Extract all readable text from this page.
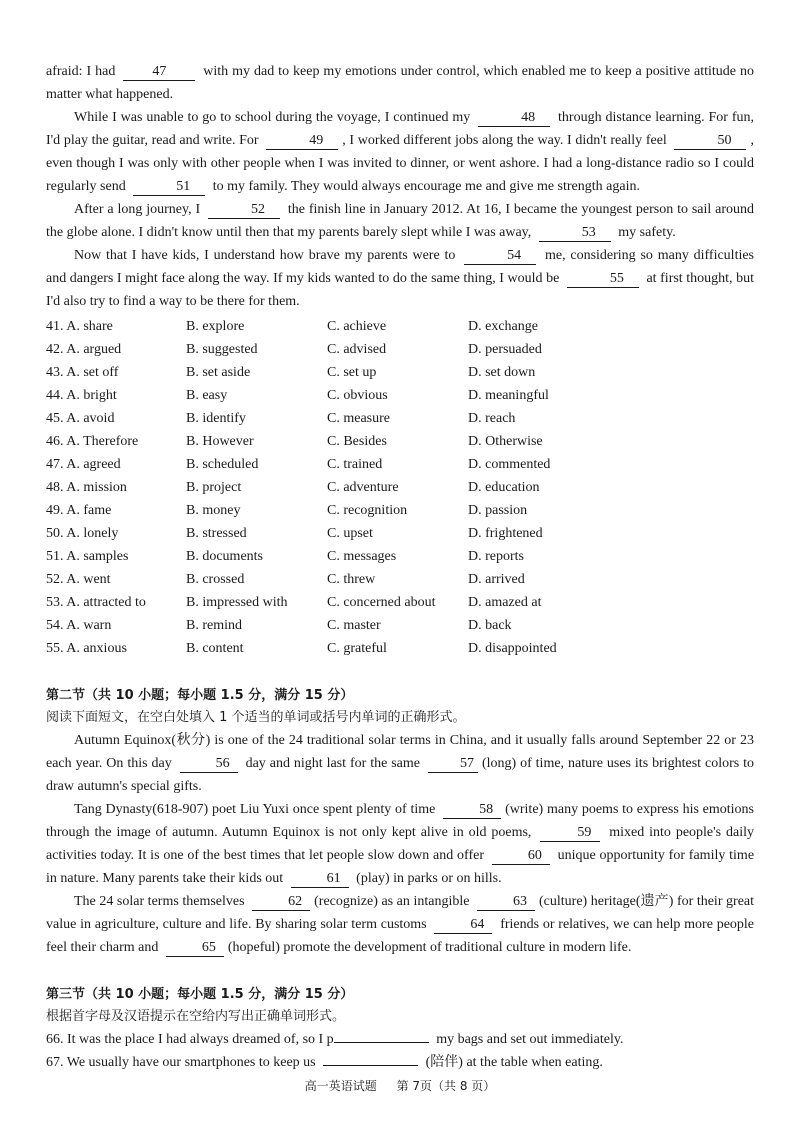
afraid: I had	47	with my dad to keep my emotions under control, which enabled me to keep a positive attitude no matter what happened.

While I was unable to go to school during the voyage, I continued my	48 through distance learning. For fun, I'd play the guitar, read and write. For	49 , I worked different jobs along the way. I didn't really feel	50 , even though I was only with other people when I was invited to dinner, or went ashore. I had a long-distance radio so I could regularly send	51 to my family. They would always encourage me and give me strength again.

After a long journey, I	52 the finish line in January 2012. At 16, I became the youngest person to sail around the globe alone. I didn't know until then that my parents barely slept while I was away,	53 my safety.

Now that I have kids, I understand how brave my parents were to	54 me, considering so many difficulties and dangers I might face along the way. If my kids wanted to do the same thing, I would be	55 at first thought, but I'd also try to find a way to be there for them.

41. A. share	B. explore	C. achieve	D. exchange
42. A. argued	B. suggested	C. advised	D. persuaded
43. A. set off	B. set aside	C. set up	D. set down
44. A. bright	B. easy	C. obvious	D. meaningful
45. A. avoid	B. identify	C. measure	D. reach
46. A. Therefore	B. However	C. Besides	D. Otherwise
47. A. agreed	B. scheduled	C. trained	D. commented
48. A. mission	B. project	C. adventure	D. education
49. A. fame	B. money	C. recognition	D. passion
50. A. lonely	B. stressed	C. upset	D. frightened
51. A. samples	B. documents	C. messages	D. reports
52. A. went	B. crossed	C. threw	D. arrived
53. A. attracted to	B. impressed with	C. concerned about	D. amazed at
54. A. warn	B. remind	C. master	D. back
55. A. anxious	B. content	C. grateful	D. disappointed
第二节（共 10 小题；每小题 1.5 分，满分 15 分）
阅读下面短文，在空白处填入 1 个适当的单词或括号内单词的正确形式。

Autumn Equinox(秋分) is one of the 24 traditional solar terms in China, and it usually falls around September 22 or 23 each year. On this day	56 day and night last for the same	57 (long) of time, nature uses its brightest colors to draw autumn's special gifts.

Tang Dynasty(618-907) poet Liu Yuxi once spent plenty of time	58 (write) many poems to express his emotions through the image of autumn. Autumn Equinox is not only kept alive in old poems,	59 mixed into people's daily activities today. It is one of the best times that let people slow down and offer	60 unique opportunity for family time in nature. Many parents take their kids out	61 (play) in parks or on hills.

The 24 solar terms themselves	62 (recognize) as an intangible	63 (culture) heritage(遗产) for their great value in agriculture, culture and life. By sharing solar term customs	64 friends or relatives, we can help more people feel their charm and	65 (hopeful) promote the development of traditional culture in modern life.

第三节（共 10 小题；每小题 1.5 分，满分 15 分）
根据首字母及汉语提示在空给内写出正确单词形式。
66. It was the place I had always dreamed of, so I p	my bags and set out immediately.
67. We usually have our smartphones to keep us	(陪伴) at the table when eating.
高一英语试题 第 7页（共 8 页）
